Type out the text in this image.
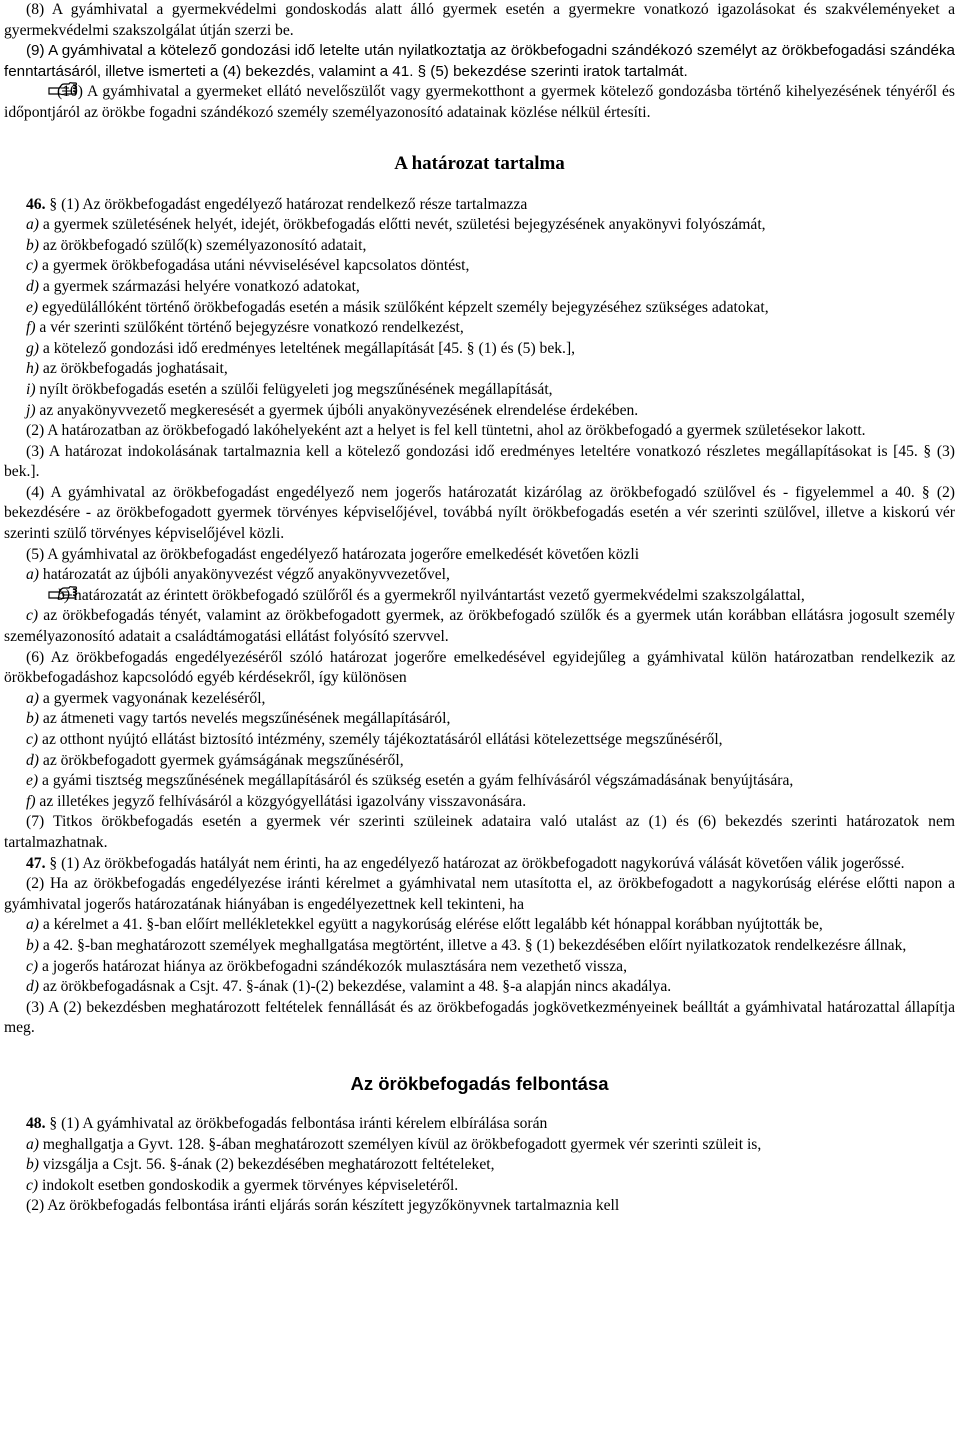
(8) A gyámhivatal a gyermekvédelmi gondoskodás alatt álló gyermek esetén a gyermekre vonatkozó igazolásokat és szakvéleményeket a gyermekvédelmi szakszolgálat útján szerzi be.

(9) A gyámhivatal a kötelező gondozási idő letelte után nyilatkoztatja az örökbefogadni szándékozó személyt az örökbefogadási szándéka fenntartásáról, illetve ismerteti a (4) bekezdés, valamint a 41. § (5) bekezdése szerinti iratok tartalmát.

(10) A gyámhivatal a gyermeket ellátó nevelőszülőt vagy gyermekotthont a gyermek kötelező gondozásba történő kihelyezésének tényéről és időpontjáról az örökbe fogadni szándékozó személy személyazonosító adatainak közlése nélkül értesíti.

A határozat tartalma

46. § (1) Az örökbefogadást engedélyező határozat rendelkező része tartalmazza

a) a gyermek születésének helyét, idejét, örökbefogadás előtti nevét, születési bejegyzésének anyakönyvi folyószámát,

b) az örökbefogadó szülő(k) személyazonosító adatait,

c) a gyermek örökbefogadása utáni névviselésével kapcsolatos döntést,

d) a gyermek származási helyére vonatkozó adatokat,

e) egyedülállóként történő örökbefogadás esetén a másik szülőként képzelt személy bejegyzéséhez szükséges adatokat,

f) a vér szerinti szülőként történő bejegyzésre vonatkozó rendelkezést,

g) a kötelező gondozási idő eredményes leteltének megállapítását [45. § (1) és (5) bek.],

h) az örökbefogadás joghatásait,

i) nyílt örökbefogadás esetén a szülői felügyeleti jog megszűnésének megállapítását,

j) az anyakönyvvezető megkeresését a gyermek újbóli anyakönyvezésének elrendelése érdekében.

(2) A határozatban az örökbefogadó lakóhelyeként azt a helyet is fel kell tüntetni, ahol az örökbefogadó a gyermek születésekor lakott.

(3) A határozat indokolásának tartalmaznia kell a kötelező gondozási idő eredményes leteltére vonatkozó részletes megállapításokat is [45. § (3) bek.].

(4) A gyámhivatal az örökbefogadást engedélyező nem jogerős határozatát kizárólag az örökbefogadó szülővel és - figyelemmel a 40. § (2) bekezdésére - az örökbefogadott gyermek törvényes képviselőjével, továbbá nyílt örökbefogadás esetén a vér szerinti szülővel, illetve a kiskorú vér szerinti szülő törvényes képviselőjével közli.

(5) A gyámhivatal az örökbefogadást engedélyező határozata jogerőre emelkedését követően közli

a) határozatát az újbóli anyakönyvezést végző anyakönyvvezetővel,

b) határozatát az érintett örökbefogadó szülőről és a gyermekről nyilvántartást vezető gyermekvédelmi szakszolgálattal,

c) az örökbefogadás tényét, valamint az örökbefogadott gyermek, az örökbefogadó szülők és a gyermek után korábban ellátásra jogosult személy személyazonosító adatait a családtámogatási ellátást folyósító szervvel.

(6) Az örökbefogadás engedélyezéséről szóló határozat jogerőre emelkedésével egyidejűleg a gyámhivatal külön határozatban rendelkezik az örökbefogadáshoz kapcsolódó egyéb kérdésekről, így különösen

a) a gyermek vagyonának kezeléséről,

b) az átmeneti vagy tartós nevelés megszűnésének megállapításáról,

c) az otthont nyújtó ellátást biztosító intézmény, személy tájékoztatásáról ellátási kötelezettsége megszűnéséről,

d) az örökbefogadott gyermek gyámságának megszűnéséről,

e) a gyámi tisztség megszűnésének megállapításáról és szükség esetén a gyám felhívásáról végszámadásának benyújtására,

f) az illetékes jegyző felhívásáról a közgyógyellátási igazolvány visszavonására.

(7) Titkos örökbefogadás esetén a gyermek vér szerinti szüleinek adataira való utalást az (1) és (6) bekezdés szerinti határozatok nem tartalmazhatnak.

47. § (1) Az örökbefogadás hatályát nem érinti, ha az engedélyező határozat az örökbefogadott nagykorúvá válását követően válik jogerőssé.

(2) Ha az örökbefogadás engedélyezése iránti kérelmet a gyámhivatal nem utasította el, az örökbefogadott a nagykorúság elérése előtti napon a gyámhivatal jogerős határozatának hiányában is engedélyezettnek kell tekinteni, ha

a) a kérelmet a 41. §-ban előírt mellékletekkel együtt a nagykorúság elérése előtt legalább két hónappal korábban nyújtották be,

b) a 42. §-ban meghatározott személyek meghallgatása megtörtént, illetve a 43. § (1) bekezdésében előírt nyilatkozatok rendelkezésre állnak,

c) a jogerős határozat hiánya az örökbefogadni szándékozók mulasztására nem vezethető vissza,

d) az örökbefogadásnak a Csjt. 47. §-ának (1)-(2) bekezdése, valamint a 48. §-a alapján nincs akadálya.

(3) A (2) bekezdésben meghatározott feltételek fennállását és az örökbefogadás jogkövetkezményeinek beálltát a gyámhivatal határozattal állapítja meg.

Az örökbefogadás felbontása

48. § (1) A gyámhivatal az örökbefogadás felbontása iránti kérelem elbírálása során

a) meghallgatja a Gyvt. 128. §-ában meghatározott személyen kívül az örökbefogadott gyermek vér szerinti szüleit is,

b) vizsgálja a Csjt. 56. §-ának (2) bekezdésében meghatározott feltételeket,

c) indokolt esetben gondoskodik a gyermek törvényes képviseletéről.

(2) Az örökbefogadás felbontása iránti eljárás során készített jegyzőkönyvnek tartalmaznia kell
